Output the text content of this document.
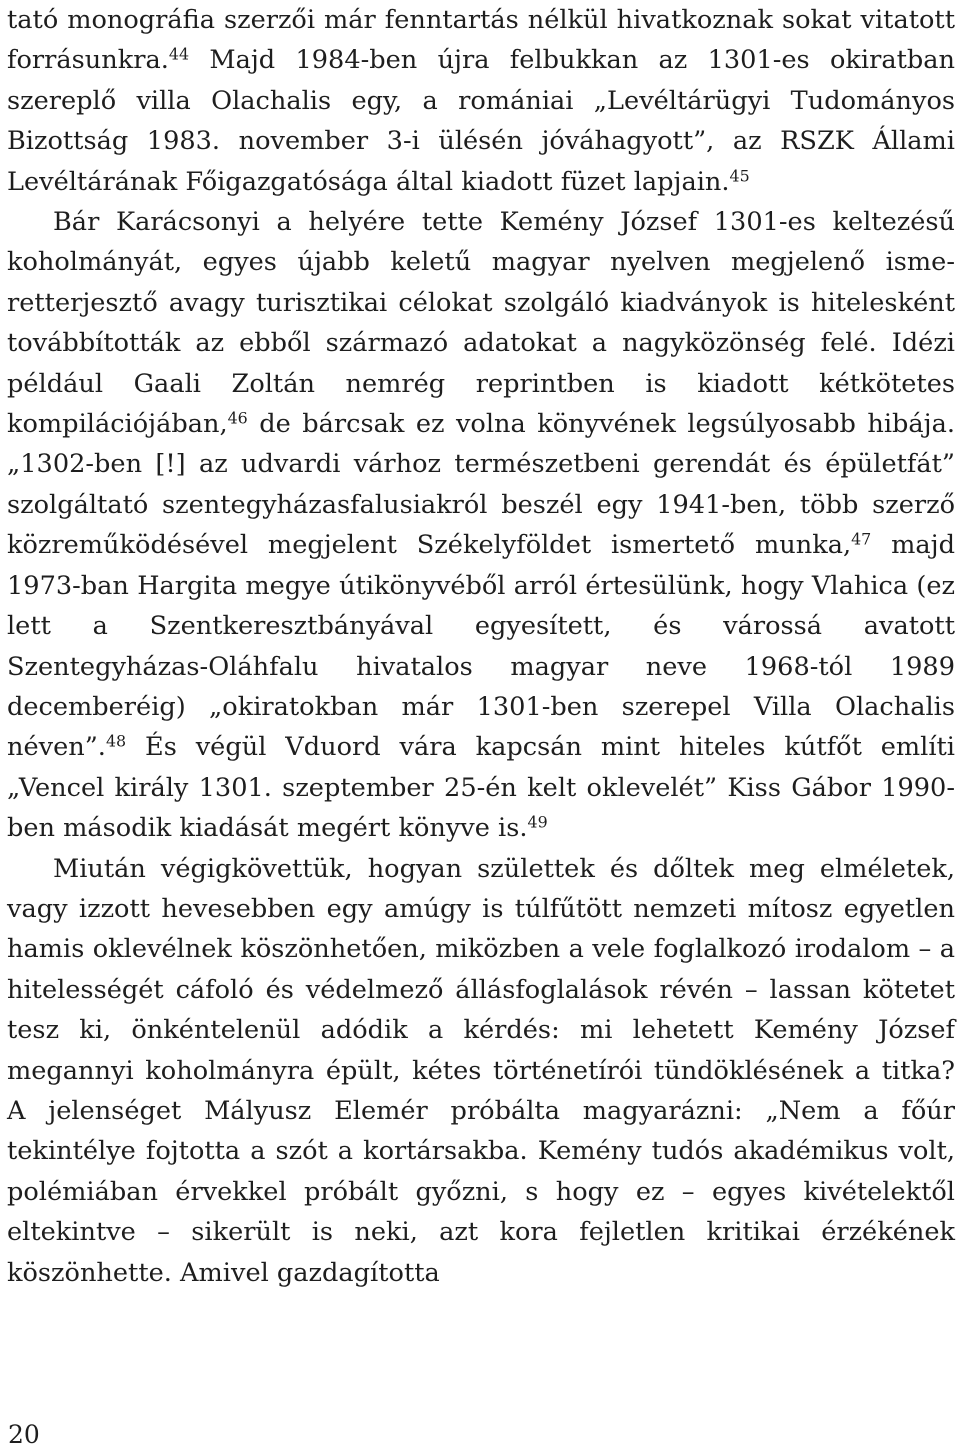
tató monográfia szerzői már fenntartás nélkül hivatkoznak sokat vitatott forrásunkra.$^{44}$ Majd 1984-ben újra felbukkan az 1301-es okiratban szereplő villa Olachalis egy, a romániai „Levéltárügyi Tudományos Bizottság 1983. november 3-i ülésén jóváhagyott”, az RSZK Állami Levéltárának Főigazgatósága által kiadott füzet lapjain.$^{45}$

Bár Karácsonyi a helyére tette Kemény József 1301-es keltezésű koholmányát, egyes újabb keletű magyar nyelven megjelenő ismeretterjesztő avagy turisztikai célokat szolgáló kiadványok is hitelesként továbbították az ebből származó adatokat a nagyközönség felé. Idézi például Gaali Zoltán nemrég reprintben is kiadott kétkötetes kompilációjában,$^{46}$ de bárcsak ez volna könyvének legsúlyosabb hibája. „1302-ben [!] az udvardi várhoz természetbeni gerendát és épületfát” szolgáltató szentegyházasfalusiakról beszél egy 1941-ben, több szerző közreműködésével megjelent Székelyföldet ismertető munka,$^{47}$ majd 1973-ban Hargita megye útikönyvéből arról értesülünk, hogy Vlahica (ez lett a Szentkeresztbányával egyesített, és várossá avatott Szentegyházas-Oláhfalu hivatalos magyar neve 1968-tól 1989 decemberéig) „okiratokban már 1301-ben szerepel Villa Olachalis néven”.$^{48}$ És végül Vduord vára kapcsán mint hiteles kútfőt említi „Vencel király 1301. szeptember 25-én kelt oklevelét” Kiss Gábor 1990-ben második kiadását megért könyve is.$^{49}$

Miután végigkövettük, hogyan születtek és dőltek meg elméletek, vagy izzott hevesebben egy amúgy is túlfűtött nemzeti mítosz egyetlen hamis oklevélnek köszönhetően, miközben a vele foglalkozó irodalom – a hitelességét cáfoló és védelmező állásfoglalások révén – lassan kötetet tesz ki, önkéntelenül adódik a kérdés: mi lehetett Kemény József megannyi koholmányra épült, kétes történetírói tündöklésének a titka? A jelenséget Mályusz Elemér próbálta magyarázni: „Nem a főúr tekintélye fojtotta a szót a kortársakba. Kemény tudós akadémikus volt, polémiában érvekkel próbált győzni, s hogy ez – egyes kivételektől eltekintve – sikerült is neki, azt kora fejletlen kritikai érzékének köszönhette. Amivel gazdagította

20
